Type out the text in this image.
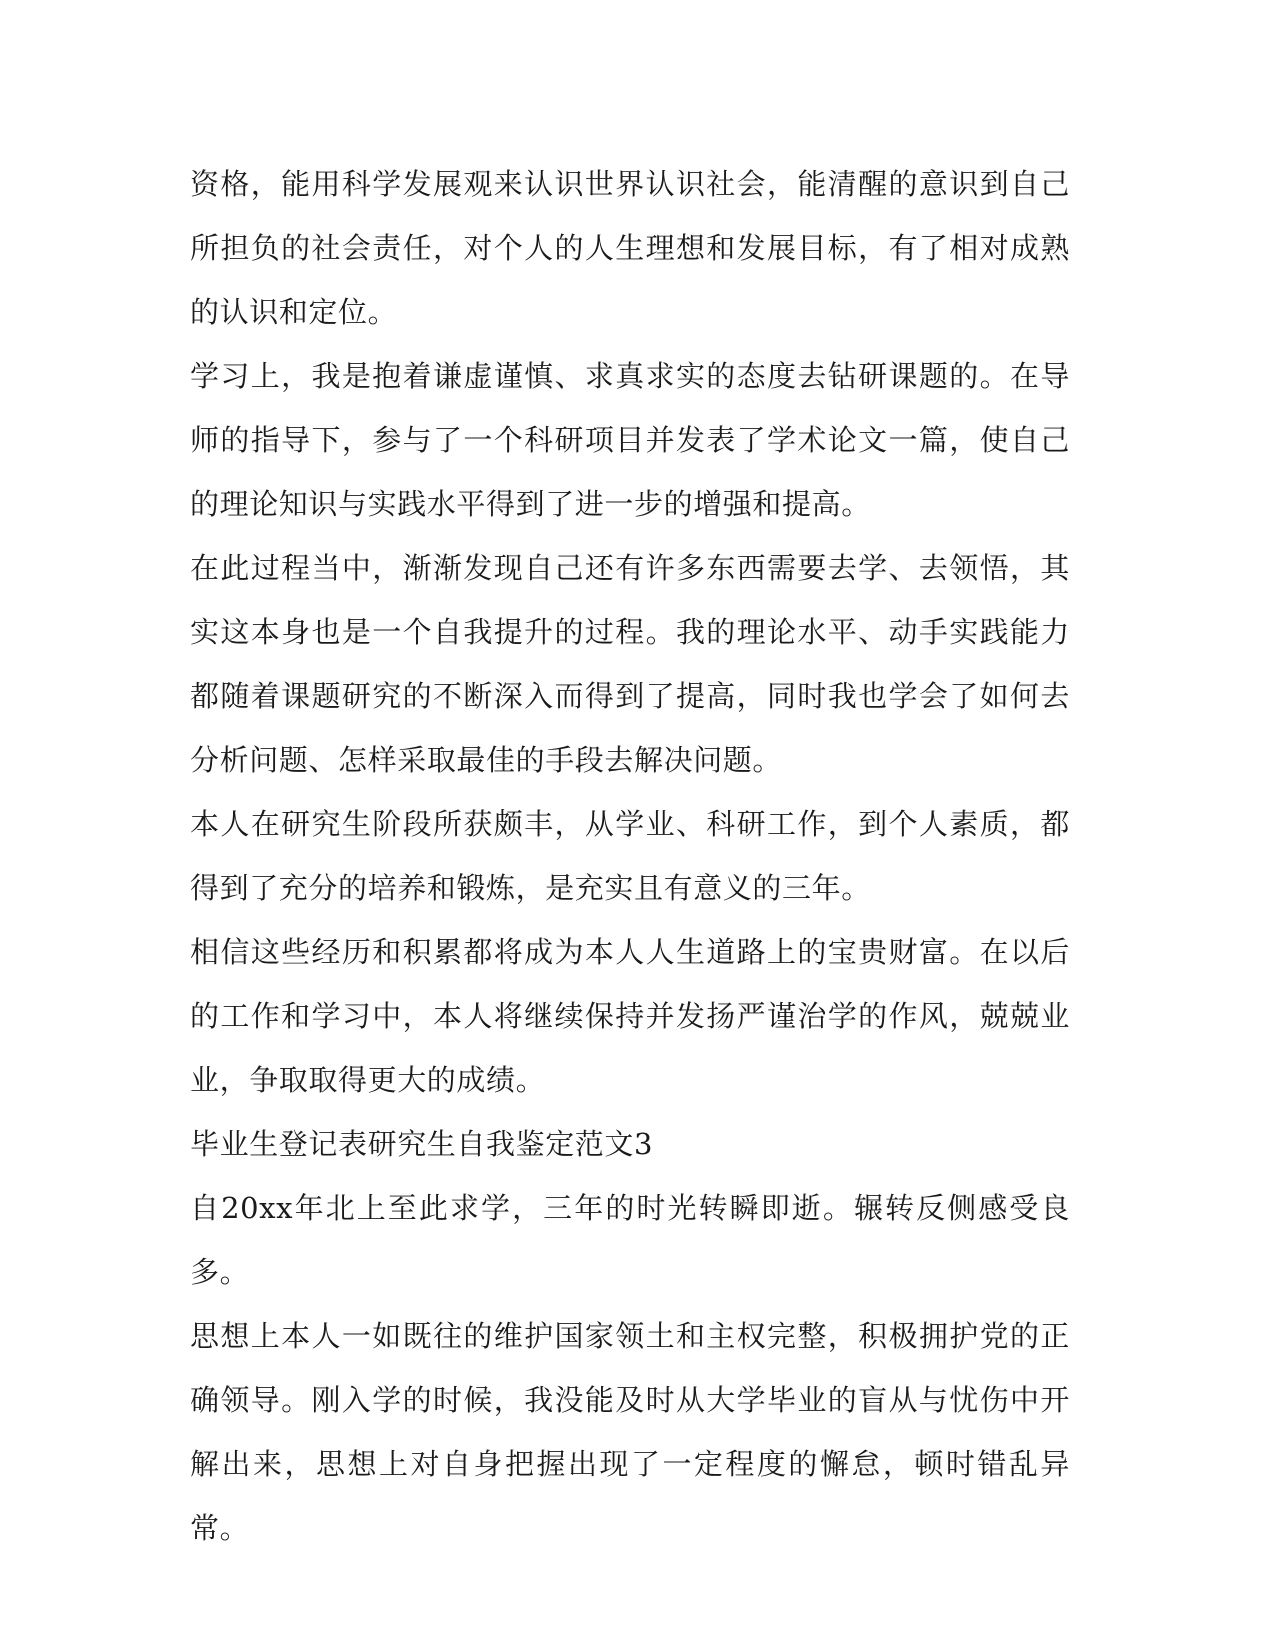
资格，能用科学发展观来认识世界认识社会，能清醒的意识到自己所担负的社会责任，对个人的人生理想和发展目标，有了相对成熟的认识和定位。

学习上，我是抱着谦虚谨慎、求真求实的态度去钻研课题的。在导师的指导下，参与了一个科研项目并发表了学术论文一篇，使自己的理论知识与实践水平得到了进一步的增强和提高。

在此过程当中，渐渐发现自己还有许多东西需要去学、去领悟，其实这本身也是一个自我提升的过程。我的理论水平、动手实践能力都随着课题研究的不断深入而得到了提高，同时我也学会了如何去分析问题、怎样采取最佳的手段去解决问题。

本人在研究生阶段所获颇丰，从学业、科研工作，到个人素质，都得到了充分的培养和锻炼，是充实且有意义的三年。

相信这些经历和积累都将成为本人人生道路上的宝贵财富。在以后的工作和学习中，本人将继续保持并发扬严谨治学的作风，兢兢业业，争取取得更大的成绩。

毕业生登记表研究生自我鉴定范文3

自20xx年北上至此求学，三年的时光转瞬即逝。辗转反侧感受良多。

思想上本人一如既往的维护国家领土和主权完整，积极拥护党的正确领导。刚入学的时候，我没能及时从大学毕业的盲从与忧伤中开解出来，思想上对自身把握出现了一定程度的懈怠，顿时错乱异常。
